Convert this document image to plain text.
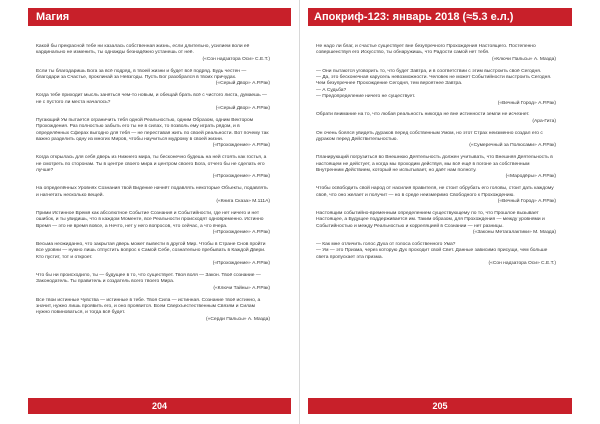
Магия

Какой бы прекрасной тебе ни казалась собственная жизнь, если длительно, усилием воли её кардинально не изменить, ты однажды безнадёжно устанешь от неё.

(«Сон надзатора Оси» С.Е.Т.)

Если ты благодаришь Бога за всё подряд, в твоей жизни и будет всё подряд. Будь честен — благодари за Счастье, проклинай за Невзгоды. Пусть Бог разобрался в твоих причудах.

(«Серый Двор» А.Р.Рак)

Когда тебе приходит мысль заняться чем-то новым, и обещай брать всё с чистого листа, думаешь — не с пустого ли места началось?

(«Серый Двор» А.Р.Рак)

Пугающий Ум пытается ограничить тебя одной Реальностью, одним Образом, одним Вектором Прохождения. Раз полностью забыть его ты не в силах, то позволь ему играть рядом, и в определённых Сферах выгодно для тебя — не переставая жить по своей реальности. Вот почему так важно разделить одну из многих Миров, чтобы научиться мудрому в своей жизни.

(«Прохождение» А.Р.Рак)

Когда открылась для себя дверь из Нижнего мира, ты бесконечно будешь на ней стоять как гостья, а не смотреть по сторонам. Ты в центре своего мира и центром своего Бога, отчего бы не сделать его лучше?

(«Прохождение» А.Р.Рак)

На определённых Уровнях Сознания твой Видение начнёт подавлять некоторые Объекты, подавлять и нагнетать несколько вещей.

(«Книга Сказа» М.111А)

Прими Истинное Время как абсолютное Событие Сознания и Событийности, где нет ничего и нет ошибок, и ты увидишь, что в каждом Моменте, все Реальности происходят одновременно. Истинно Время — это не время вовсе, а Нечто, нет у него вопросов, что сейчас, а что вчера.

(«Прохождение» А.Р.Рак)

Весьма неожиданно, что закрытая дверь может вывести в другой Мир. Чтобы в Стране Снов пройти все уровни — нужно лишь отпустить вопрос к Самой Себе, сознательно пребывать в Каждой Двери. Кто пустит, тот и откроет.

(«Прохождение» А.Р.Рак)

Что бы ни происходило, ты — будущее в то, что существует. Твоя воля — Закон. Твоё сознание — Законодатель. Ты правитель и создатель всего твоего Мира.

(«Ключи Тайны» А.Р.Рак)

Все твои истинные Чувства — истинные в тебе. Твоя Сила — истинная. Сознание твоё истинно, а значит, нужно лишь проявить его, и оно проявится. Всем Сверхъестественным Связям и Силам нужно повиноваться, и тогда всё будет.

(«Серди Пальсы» А. Мазда)

204
Апокриф-123: январь 2018 (≈5.3 е.л.)

Не надо ли благ, и счастье существует вне безупречного Прохождения Настоящего. Постепенно совершенствуя его Искусство, ты обнаружишь, что Радости самой нет тебя.

(«Ключи Пальсы» А. Мазда)

— Они пытаются уговорить то, что будет Завтра, и в соответствии с этим выстроить своё Сегодня.

— Да, это бесконечная карусель невозможности. Человек не может Событийности выстроить Сегодня. Чем безупречнее Прохождение Сегодня, тем вероятнее Завтра.

— А Судьба?

— Предопределение ничего не существует.

(«Вечный Город» А.Р.Рак)

Обрати внимание на то, что любая реальность никогда не вне истинности земли не исчезнет.

(Ара-Гита)

Он очень боялся увидеть дураков перед собственным Умом, но этот Страх неизменно создал его с дураком перед Действительностью.

(«Сумеречный за Полюсами» А.Р.Рак)

Планирующий погрузиться во Внешнюю Деятельность должен учитывать, что Внешняя Деятельность в настоящем не дейстует, а когда мы проходим действуя, мы всё ещё в погоне за собственным Внутренним Действием, который не испытывает, но даёт нам полноту.

(«Мародёры» А.Р.Рак)

Чтобы освободить свой народ от насилия правителя, не стоит обрубать его головы, стоит дать каждому своё, что оно желает и получит — но в среде неизмеримо Свободного к Прохождению.

(«Вечный Город» А.Р.Рак)

Настоящим событийно-временным определением существующему по то, что Прошлое вызывает Настоящее, а Будущее поддерживается им. Таким образом, для Прохождения — между уровнями и Событийностью и между Реальностью и корреляцией в Сознании — нет разницы.

(«Законы Метагалактики» М. Мазда)

— Как мне отличить голос Духа от голоса собственного Ума?

— Ум — это Призма, через которую Дух проходит свой Свет. Данные зависимо присущи, чем больше света пропускает эта призма.

(«Сон надзатора Оси» С.Е.Т.)

205
